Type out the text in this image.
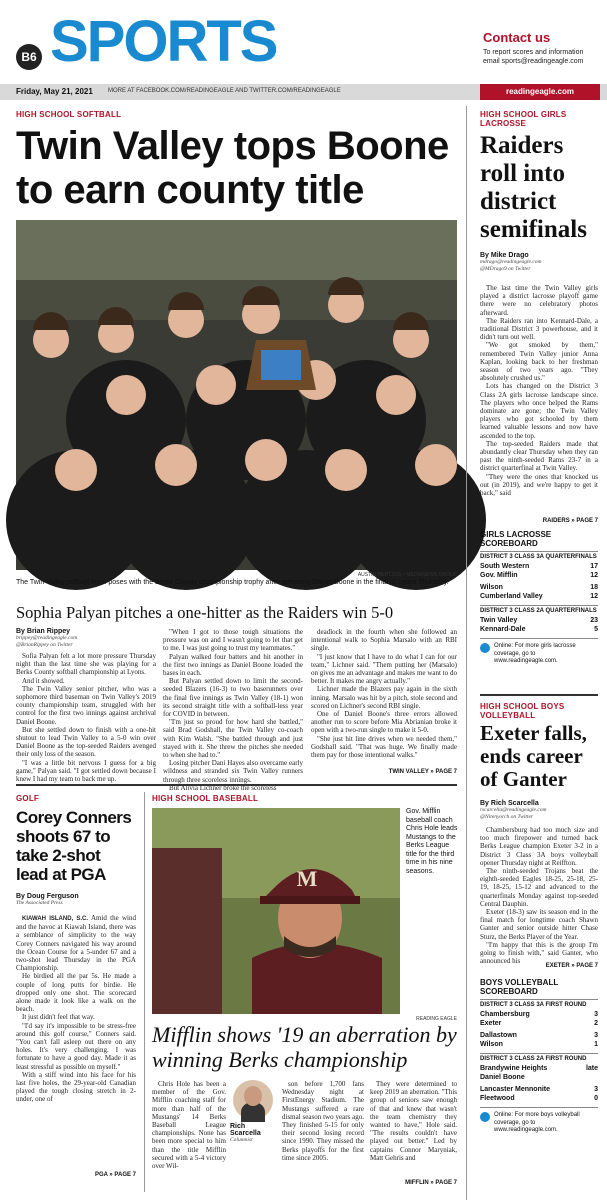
B6 SPORTS	Contact us
To report scores and information email sports@readingeagle.com
Friday, May 21, 2021	MORE AT FACEBOOK.COM/READINGEAGLE AND TWITTER.COM/READINGEAGLE	readingeagle.com
HIGH SCHOOL SOFTBALL
Twin Valley tops Boone to earn county title
AUSTIN HERTZOG • MEDIANEWS GROUP
The Twin Valley softball team poses with the Berks County championship trophy after defeating Daniel Boone in the final at Lyons Thursday.
Sophia Palyan pitches a one-hitter as the Raiders win 5-0
By Brian Rippey
brippey@readingeagle.com
@BrianRippey on Twitter

Sofia Palyan felt a lot more pressure Thursday night than the last time she was playing for a Berks County softball championship at Lyons.

And it showed.

The Twin Valley senior pitcher, who was a sophomore third baseman on Twin Valley's 2019 county championship team, struggled with her control for the first two innings against archrival Daniel Boone.

But she settled down to finish with a one-hit shutout to lead Twin Valley to a 5-0 win over Daniel Boone as the top-seeded Raiders avenged their only loss of the season.

"I was a little bit nervous I guess for a big game," Palyan said. "I got settled down because I knew I had my team to back me up.

"When I got to those tough situations the pressure was on and I wasn't going to let that get to me. I was just going to trust my teammates."

Palyan walked four batters and hit another in the first two innings as Daniel Boone loaded the bases in each.

But Palyan settled down to limit the second-seeded Blazers (16-3) to two baserunners over the final five innings as Twin Valley (18-1) won its second straight title with a softball-less year for COVID in between.

"I'm just so proud for how hard she battled," said Brad Godshall, the Twin Valley co-coach with Kim Walsh. "She battled through and just stayed with it. She threw the pitches she needed to when she had to."

Losing pitcher Dani Hayes also overcame early wildness and stranded six Twin Valley runners through three scoreless innings.

But Alivia Lichner broke the scoreless

deadlock in the fourth when she followed an intentional walk to Sophia Marsalo with an RBI single.

"I just know that I have to do what I can for our team," Lichner said. "Them putting her (Marsalo) on gives me an advantage and makes me want to do better. It makes me angry actually."

Lichner made the Blazers pay again in the sixth inning. Marsalo was hit by a pitch, stole second and scored on Lichner's second RBI single.

One of Daniel Boone's three errors allowed another run to score before Mia Abrianian broke it open with a two-run single to make it 5-0.

"She just hit line drives when we needed them," Godshall said. "That was huge. We finally made them pay for those intentional walks."

TWIN VALLEY » PAGE 7
HIGH SCHOOL GIRLS LACROSSE
Raiders roll into district semifinals
By Mike Drago
mdrago@readingeagle.com
@MDrago9 on Twitter

The last time the Twin Valley girls played a district lacrosse playoff game there were no celebratory photos afterward.

The Raiders ran into Kennard-Dale, a traditional District 3 powerhouse, and it didn't turn out well.

"We got smoked by them," remembered Twin Valley junior Anna Kaplan, looking back to her freshman season of two years ago. "They absolutely crushed us."

Lots has changed on the District 3 Class 2A girls lacrosse landscape since. The players who once helped the Rams dominate are gone; the Twin Valley players who got schooled by them learned valuable lessons and now have ascended to the top.

The top-seeded Raiders made that abundantly clear Thursday when they ran past the ninth-seeded Rams 23-7 in a district quarterfinal at Twin Valley.

"They were the ones that knocked us out (in 2019), and we're happy to get it back," said

RAIDERS » PAGE 7
GIRLS LACROSSE SCOREBOARD
DISTRICT 3 CLASS 3A QUARTERFINALS
South Western	17
Gov. Mifflin	12
Wilson	18
Cumberland Valley	12
DISTRICT 3 CLASS 2A QUARTERFINALS
Twin Valley	23
Kennard-Dale	5
Online: For more girls lacrosse coverage, go to www.readingeagle.com.
HIGH SCHOOL BOYS VOLLEYBALL
Exeter falls, ends career of Ganter
By Rich Scarcella
rscarcella@readingeagle.com
@Nitenyorch on Twitter

Chambersburg had too much size and too much firepower and turned back Berks League champion Exeter 3-2 in a District 3 Class 3A boys volleyball opener Thursday night at Reiffton.

The ninth-seeded Trojans beat the eighth-seeded Eagles 18-25, 25-18, 25-19, 18-25, 15-12 and advanced to the quarterfinals Monday against top-seeded Central Dauphin.

Exeter (18-3) saw its season end in the final match for longtime coach Shawn Ganter and senior outside hitter Chase Sturz, the Berks Player of the Year.

"I'm happy that this is the group I'm going to finish with," said Ganter, who announced his

EXETER » PAGE 7
BOYS VOLLEYBALL SCOREBOARD
DISTRICT 3 CLASS 3A FIRST ROUND
Chambersburg	3
Exeter	2
Dallastown	3
Wilson	1
DISTRICT 3 CLASS 2A FIRST ROUND
Brandywine Heights	late
Daniel Boone
Lancaster Mennonite	3
Fleetwood	0
Online: For more boys volleyball coverage, go to www.readingeagle.com.
GOLF
Corey Conners shoots 67 to take 2-shot lead at PGA
By Doug Ferguson
The Associated Press

KIAWAH ISLAND, S.C. Amid the wind and the havoc at Kiawah Island, there was a semblance of simplicity to the way Corey Conners navigated his way around the Ocean Course for a 5-under 67 and a two-shot lead Thursday in the PGA Championship.

He birdied all the par 5s. He made a couple of long putts for birdie. He dropped only one shot. The scorecard alone made it look like a walk on the beach.

It just didn't feel that way.

"I'd say it's impossible to be stress-free around this golf course," Conners said. "You can't fall asleep out there on any holes. It's very challenging. I was fortunate to have a good day. Made it as least stressful as possible on myself."

With a stiff wind into his face for his last five holes, the 29-year-old Canadian played the tough closing stretch in 2-under, one of

PGA » PAGE 7
HIGH SCHOOL BASEBALL
M
Gov. Mifflin baseball coach Chris Hole leads Mustangs to the Berks League title for the third time in his nine seasons.
READING EAGLE
Mifflin shows '19 an aberration by winning Berks championship

Chris Hole has been a member of the Gov. Mifflin coaching staff for more than half of the Mustangs' 14 Berks Baseball League championships. None has been more special to him than the title Mifflin secured with a 5-4 victory over Wil-

Rich Scarcella
Columnist

son before 1,700 fans Wednesday night at FirstEnergy Stadium. The Mustangs suffered a rare dismal season two years ago. They finished 5-15 for only their second losing record since 1990. They missed the Berks playoffs for the first time since 2005.

They were determined to keep 2019 an aberration. "This group of seniors saw enough of that and knew that wasn't the team chemistry they wanted to have," Hole said. "The results couldn't have played out better." Led by captains Connor Maryniak, Matt Gehris and

MIFFLIN » PAGE 7
